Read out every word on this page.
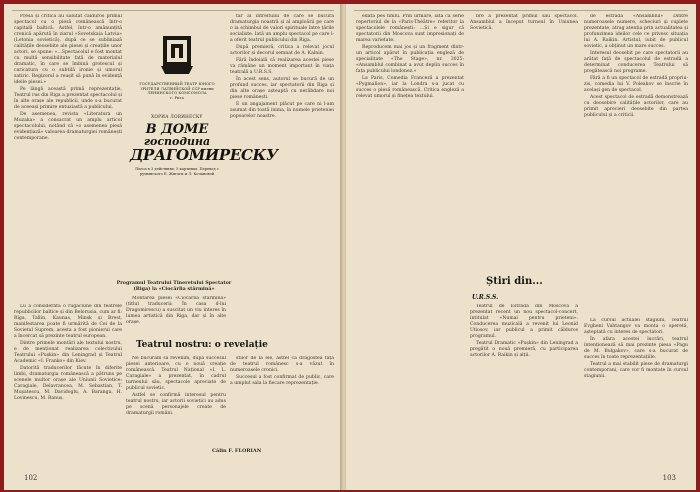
Presa și critica au salutat călduros primul spectacol cu o piesă românească într-o capitală baltică. Astfel, într-o amănunțită cronică apărută în ziarul «Sovetskaia Latvia» (Letonia sovietică), după ce se subliniază calitățile deosebite ale piesei și creațiile unor actori, se spune: «...Spectacolul e fost montat cu multă sensibilitate față de materialul dramatic, în care se îmbină grotescul și caricatura cu o subtilă ironie și umorul satiric. Regizorul a reușit să pună în evidență ideile piesei.»

Pe lângă această primă reprezentație, Teatrul rus din Riga a prezentat spectacolul și în alte orașe ale republicii, unde s-a bucurat de aceeași primire entuziastă a publicului.

De asemenea, revista «Literatura un Muzaka» a consacrat un amplu articol spectacolului, notând că «o asemenea piesă evidențiază» valoarea dramaturgiei românești contemporane.

ГОСУДАРСТВЕННЫЙ ТЕАТР ЮНОГО ЗРИТЕЛЯ ЛАТВИЙСКОЙ ССР имени ЛЕНИНСКОГО КОМСОМОЛА
г. Рига
ХОРИА ЛОВИНЕСКУ
В ДОМЕ
господина
ДРАГОМИРЕСКУ
Пьеса в 3 действиях, 5 картинах. Перевод с румынского Е. Жигаги и Л. Кочановой
Programul Teatrului Tineretului Spectator (Riga) la «Ciocârlia stârmină»

tar al intreitului de care se bucură dramaturgia noastră și al amploării pe care o ia schimbul de valori spirituale între țările socialiste. Iată un amplu spectacol pe care l-a oferit teatrul publicului din Riga.

După premieră, critica a relevat jocul actorilor și decorul semnat de A. Kalnin.

Fără îndoială că realizarea acestei piese va rămâne un moment important în viața teatrală a U.R.S.S.

În acest sens, autorul se bucură de un profund succes, iar spectatorii din Riga și din alte orașe așteaptă cu nerăbdare noi piese românești.

E un angajament plăcut pe care ni l-am asumat din toată inima, în numele prieteniei popoarelor noastre.

Lu a considerată o rugăciune din teatrele republicilor baltice și din Belorusia, cum ar fi: Riga, Tallin, Kaunas, Minsk și Brest, manifestarea poate fi urmărită de Cei de la Sovietul Suprem, acesta a fost pionierul care a încercat să prezinte teatrul european.

Dintre primele montări ale textului nostru, e de menționat realizarea colectivului Teatrului «Pușkin» din Leningrad și Teatrul Academic «I. Franko» din Kiev.

Datorită traducerilor făcute în diferite limbi, dramaturgia românească a pătruns pe scenele multor orașe ale Uniunii Sovietice: Caragiale, Delavrancea, M. Sebastian, T. Mușatescu, M. Davidoglu, A. Baranga, H. Lovinescu, M. Banuș.

Montarea piesei «Ciocârlia stârmină» (titlul traducerii: În casa d-lui Dragomirescu) a suscitat un viu interes în lumea artistică din Riga, dar și în alte orașe.

Teatrul nostru: o revelație

Ne bucurăm să revenim, după succesul piesei anterioare, cu o nouă creație românească. Teatrul Național «I. L. Caragiale» a prezentat, în cadrul turneului său, spectacole apreciate de publicul sovietic.

Astfel se confirmă interesul pentru teatrul nostru, iar actorii sovietici au adus pe scenă personajele create de dramaturgii români.

stilor de la ele, astfel că dragostea față de teatrul românesc s-a văzut în numeroasele cronici.

Succesul a fost confirmat de public, care a umplut sala la fiecare reprezentație.

Călin F. FLORIAN
102

edată pes timlu. Prin urmare, iată că serie repertoriul de la «Paris-Théâtre» referitor la spectacolele românești: ...Și e sigur că spectatorii din Moscova sunt impresionați de marea varietate.

Reproducem mai jos și un fragment dintr-un articol apărut în publicația engleză de specialitate «The Stage», nr. 3025: «Ansamblul combinat a avut deplin succes în fața publicului londonez.»

La Paris, Comedia Franceză a prezentat «Pygmalion», iar la Londra s-a jucat cu succes o piesă românească. Critica engleză a relevat umorul și finețea textului.

bre a prezentat primul său spectacol. Ansamblul a început turneul în Uniunea Sovietică.

Știri din...
U.R.S.S.

Teatrul de Estradă din Moscova a prezentat recent un nou spectacol-concert, intitulat «Numai pentru prieteni». Conducerea muzicală a revenit lui Leonid Utiosov, iar publicul a primit călduros programul.

Teatrul Dramatic «Pușkin» din Leningrad a pregătit o nouă premieră, cu participarea actorilor A. Raikin și alții.

de estradă «Ansamblul» Dintre numeroasele numere, scheciuri și cuplete prezentate, atrag atenția prin actualitatea și profunzimea ideilor cele ce privesc situația lui A. Raikin. Artistul, iubit de publicul sovietic, a obținut un mare succes.

Interesul deosebit pe care spectatorii au arătat față de spectacolul de estradă a determinat conducerea Teatrului să pregătească noi programe.

Fără a fi un spectacol de estradă propriu-zis, comedia lui V. Poleakov se înscrie în același gen de spectacol.

Acest spectacol de estradă demonstrează cu deosebire calitățile actorilor, care au primit aprecieri deosebite din partea publicului și a criticii.

La cursul actualei stagiuni, Teatrul Evgheni Vahtangov va monta o operetă, așteptată cu interes de spectatori.

În afara acestei lucrări, teatrul intenționează să mai prezinte piesa «Pagu de M. Bulgakov», care s-a bucurat de succes în toate reprezentațiile.

Teatrul a mai stabilit piese de dramaturgi contemporani, care vor fi montate în cursul stagiunii.

103
